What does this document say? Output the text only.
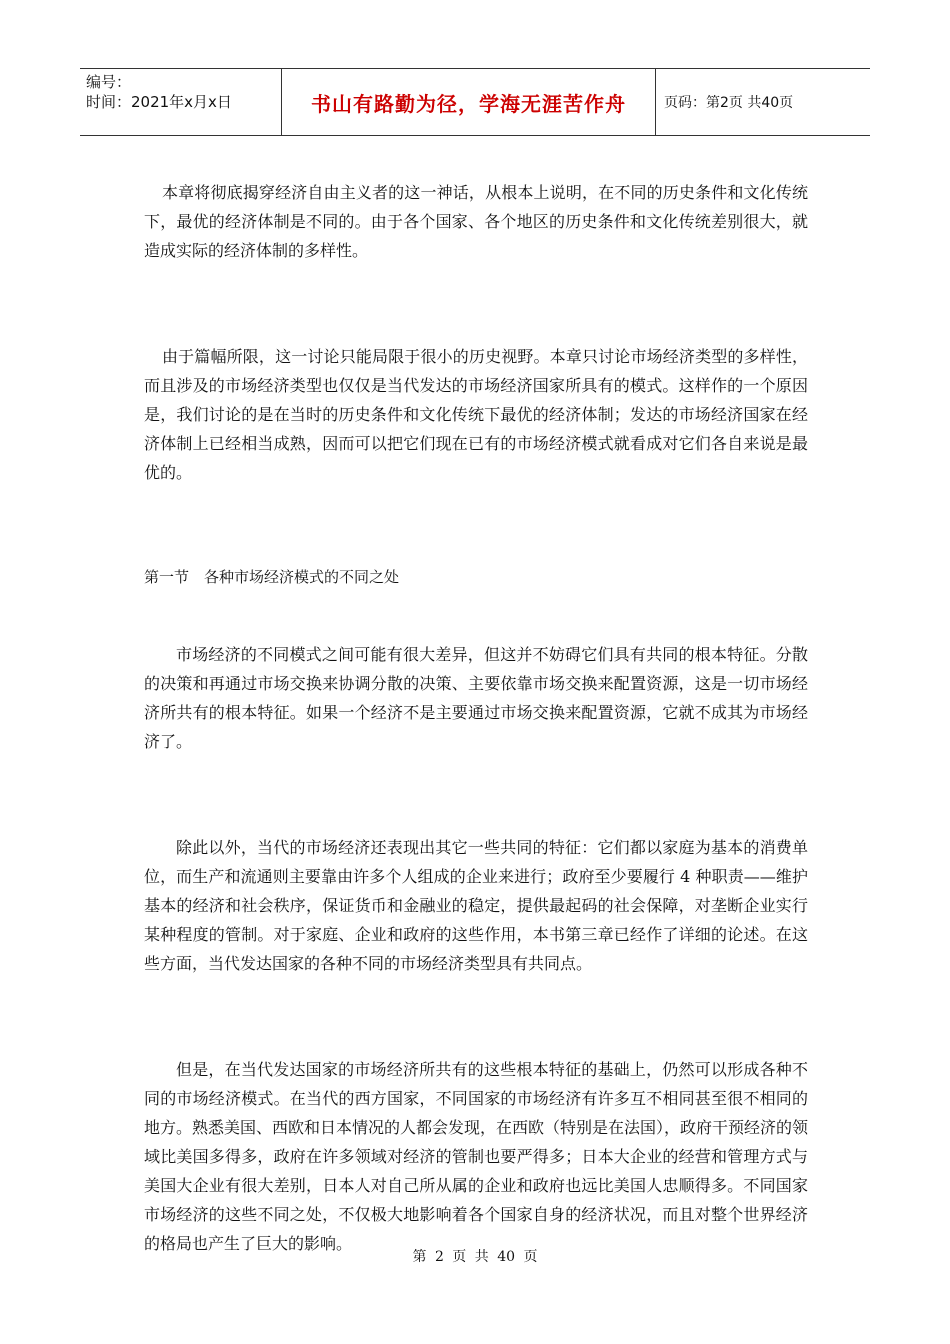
编号：
时间：2021年x月x日	书山有路勤为径，学海无涯苦作舟	页码：第2页 共40页

本章将彻底揭穿经济自由主义者的这一神话，从根本上说明，在不同的历史条件和文化传统下，最优的经济体制是不同的。由于各个国家、各个地区的历史条件和文化传统差别很大，就造成实际的经济体制的多样性。

由于篇幅所限，这一讨论只能局限于很小的历史视野。本章只讨论市场经济类型的多样性，而且涉及的市场经济类型也仅仅是当代发达的市场经济国家所具有的模式。这样作的一个原因是，我们讨论的是在当时的历史条件和文化传统下最优的经济体制；发达的市场经济国家在经济体制上已经相当成熟，因而可以把它们现在已有的市场经济模式就看成对它们各自来说是最优的。

第一节　各种市场经济模式的不同之处

市场经济的不同模式之间可能有很大差异，但这并不妨碍它们具有共同的根本特征。分散的决策和再通过市场交换来协调分散的决策、主要依靠市场交换来配置资源，这是一切市场经济所共有的根本特征。如果一个经济不是主要通过市场交换来配置资源，它就不成其为市场经济了。

除此以外，当代的市场经济还表现出其它一些共同的特征：它们都以家庭为基本的消费单位，而生产和流通则主要靠由许多个人组成的企业来进行；政府至少要履行 4 种职责——维护基本的经济和社会秩序，保证货币和金融业的稳定，提供最起码的社会保障，对垄断企业实行某种程度的管制。对于家庭、企业和政府的这些作用，本书第三章已经作了详细的论述。在这些方面，当代发达国家的各种不同的市场经济类型具有共同点。

但是，在当代发达国家的市场经济所共有的这些根本特征的基础上，仍然可以形成各种不同的市场经济模式。在当代的西方国家，不同国家的市场经济有许多互不相同甚至很不相同的地方。熟悉美国、西欧和日本情况的人都会发现，在西欧（特别是在法国），政府干预经济的领域比美国多得多，政府在许多领域对经济的管制也要严得多；日本大企业的经营和管理方式与美国大企业有很大差别，日本人对自己所从属的企业和政府也远比美国人忠顺得多。不同国家市场经济的这些不同之处，不仅极大地影响着各个国家自身的经济状况，而且对整个世界经济的格局也产生了巨大的影响。

第 2 页 共 40 页
